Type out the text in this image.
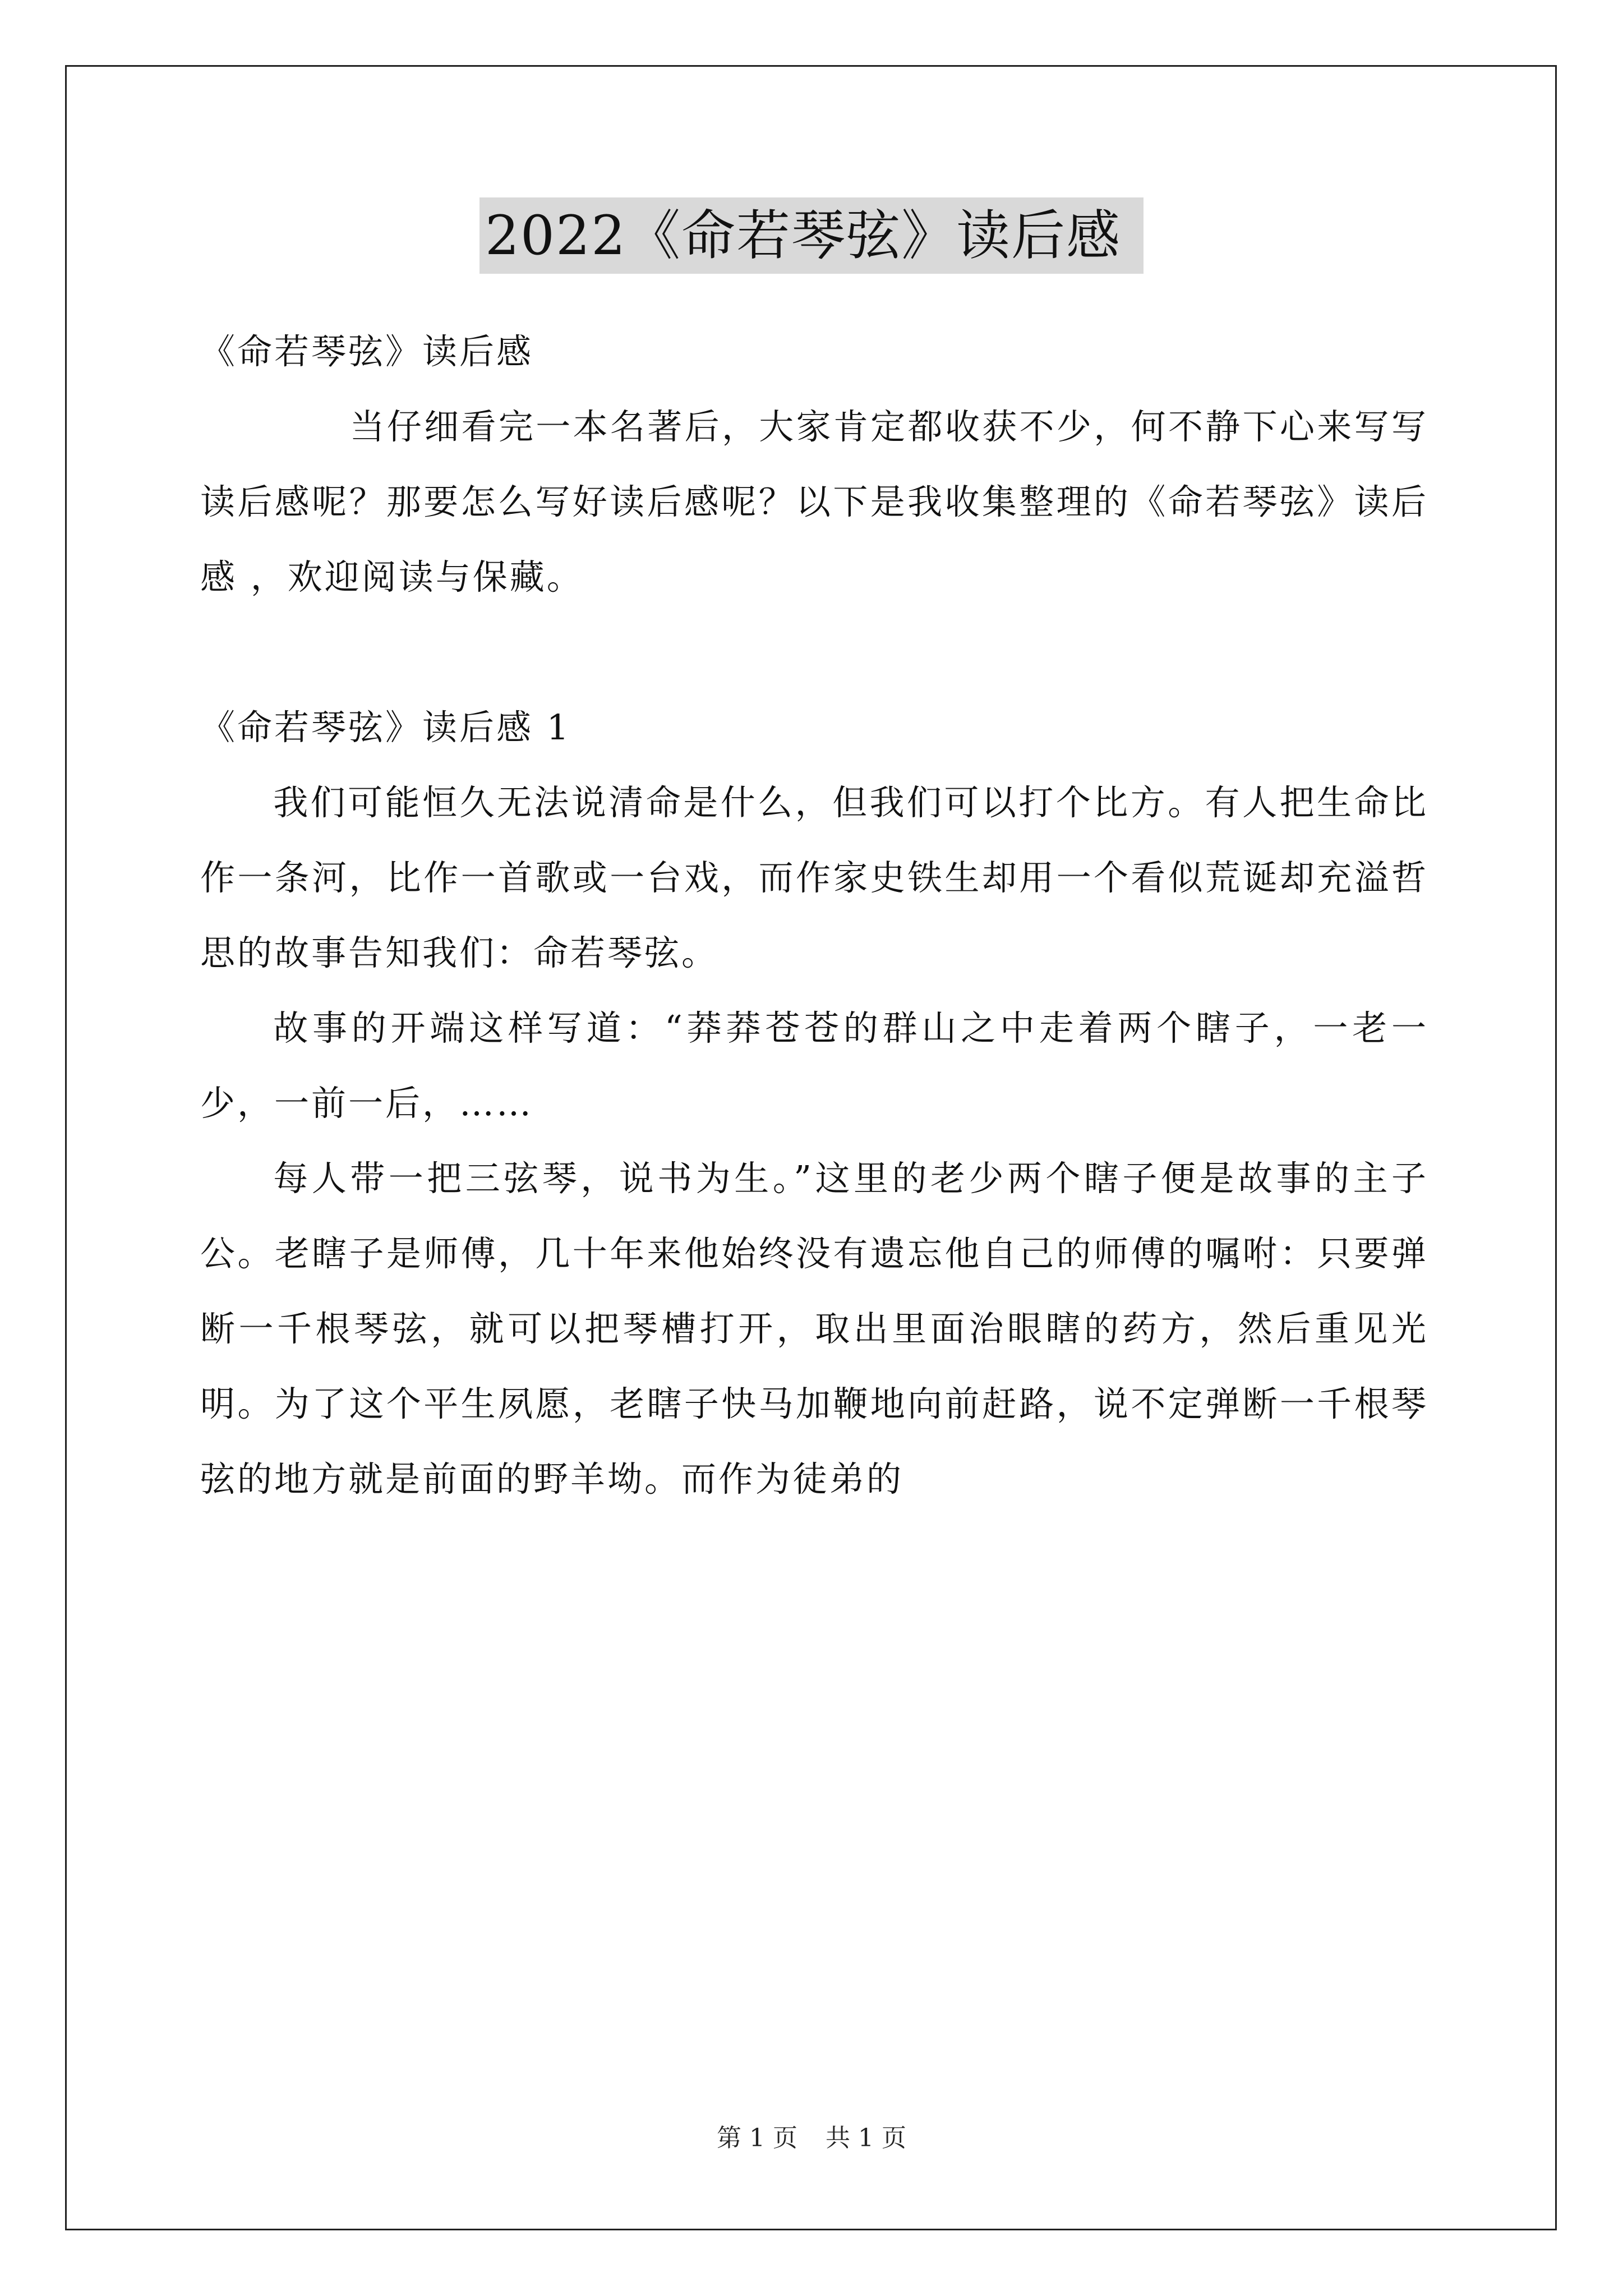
2022《命若琴弦》读后感

《命若琴弦》读后感

当仔细看完一本名著后，大家肯定都收获不少，何不静下心来写写读后感呢？那要怎么写好读后感呢？以下是我收集整理的《命若琴弦》读后感 ，欢迎阅读与保藏。

《命若琴弦》读后感 1

我们可能恒久无法说清命是什么，但我们可以打个比方。有人把生命比作一条河，比作一首歌或一台戏，而作家史铁生却用一个看似荒诞却充溢哲思的故事告知我们：命若琴弦。

故事的开端这样写道：“莽莽苍苍的群山之中走着两个瞎子，一老一少，一前一后，……

每人带一把三弦琴，说书为生。”这里的老少两个瞎子便是故事的主子公。老瞎子是师傅，几十年来他始终没有遗忘他自己的师傅的嘱咐：只要弹断一千根琴弦，就可以把琴槽打开，取出里面治眼瞎的药方，然后重见光明。为了这个平生夙愿，老瞎子快马加鞭地向前赶路，说不定弹断一千根琴弦的地方就是前面的野羊坳。而作为徒弟的

第 1 页 共 1 页
